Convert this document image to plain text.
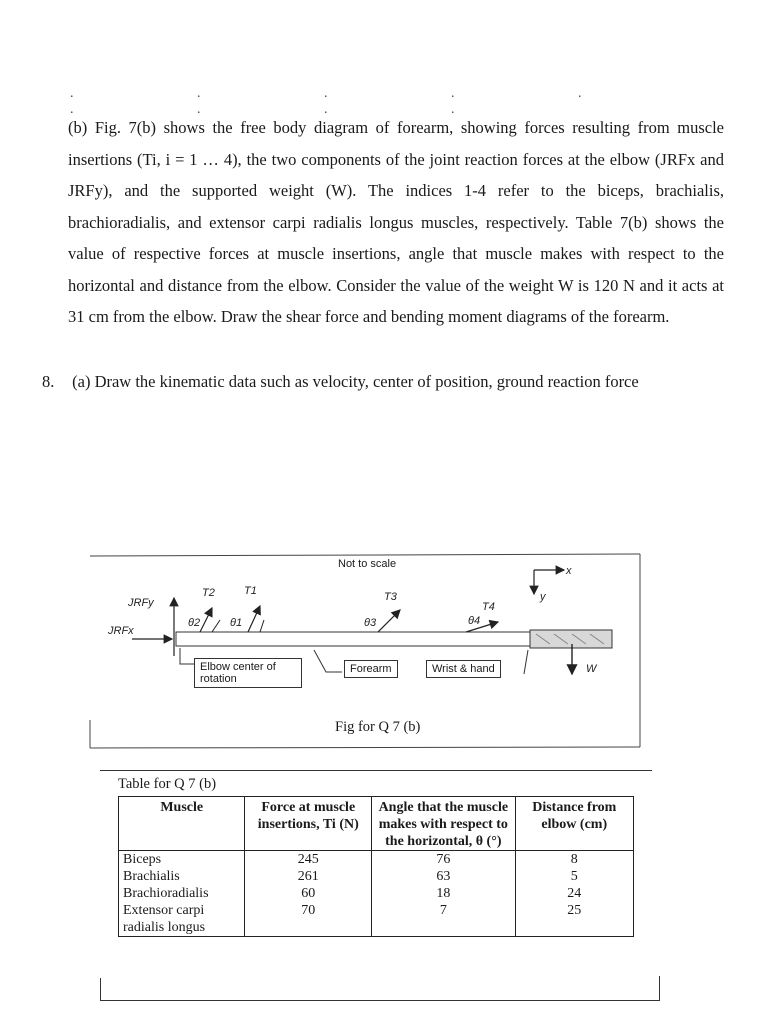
. . . . . . . . .

(b) Fig. 7(b) shows the free body diagram of forearm, showing forces resulting from muscle insertions (Ti, i = 1 … 4), the two components of the joint reaction forces at the elbow (JRFx and JRFy), and the supported weight (W). The indices 1-4 refer to the biceps, brachialis, brachioradialis, and extensor carpi radialis longus muscles, respectively. Table 7(b) shows the value of respective forces at muscle insertions, angle that muscle makes with respect to the horizontal and distance from the elbow. Consider the value of the weight W is 120 N and it acts at 31 cm from the elbow. Draw the shear force and bending moment diagrams of the forearm.

8. (a) Draw the kinematic data such as velocity, center of position, ground reaction force
JRFy
JRFx
T2
θ2
T1
θ1
T3
θ3
T4
θ4
x
y
W
Elbow center of rotation
Forearm	Wrist & hand
Not to scale
Fig for Q 7 (b)
Table for Q 7 (b)
Muscle	Force at muscle insertions, Ti (N)	Angle that the muscle makes with respect to the horizontal, θ (°)	Distance from elbow (cm)
Biceps	245	76	8
Brachialis	261	63	5
Brachioradialis	60	18	24
Extensor carpi radialis longus	70	7	25
